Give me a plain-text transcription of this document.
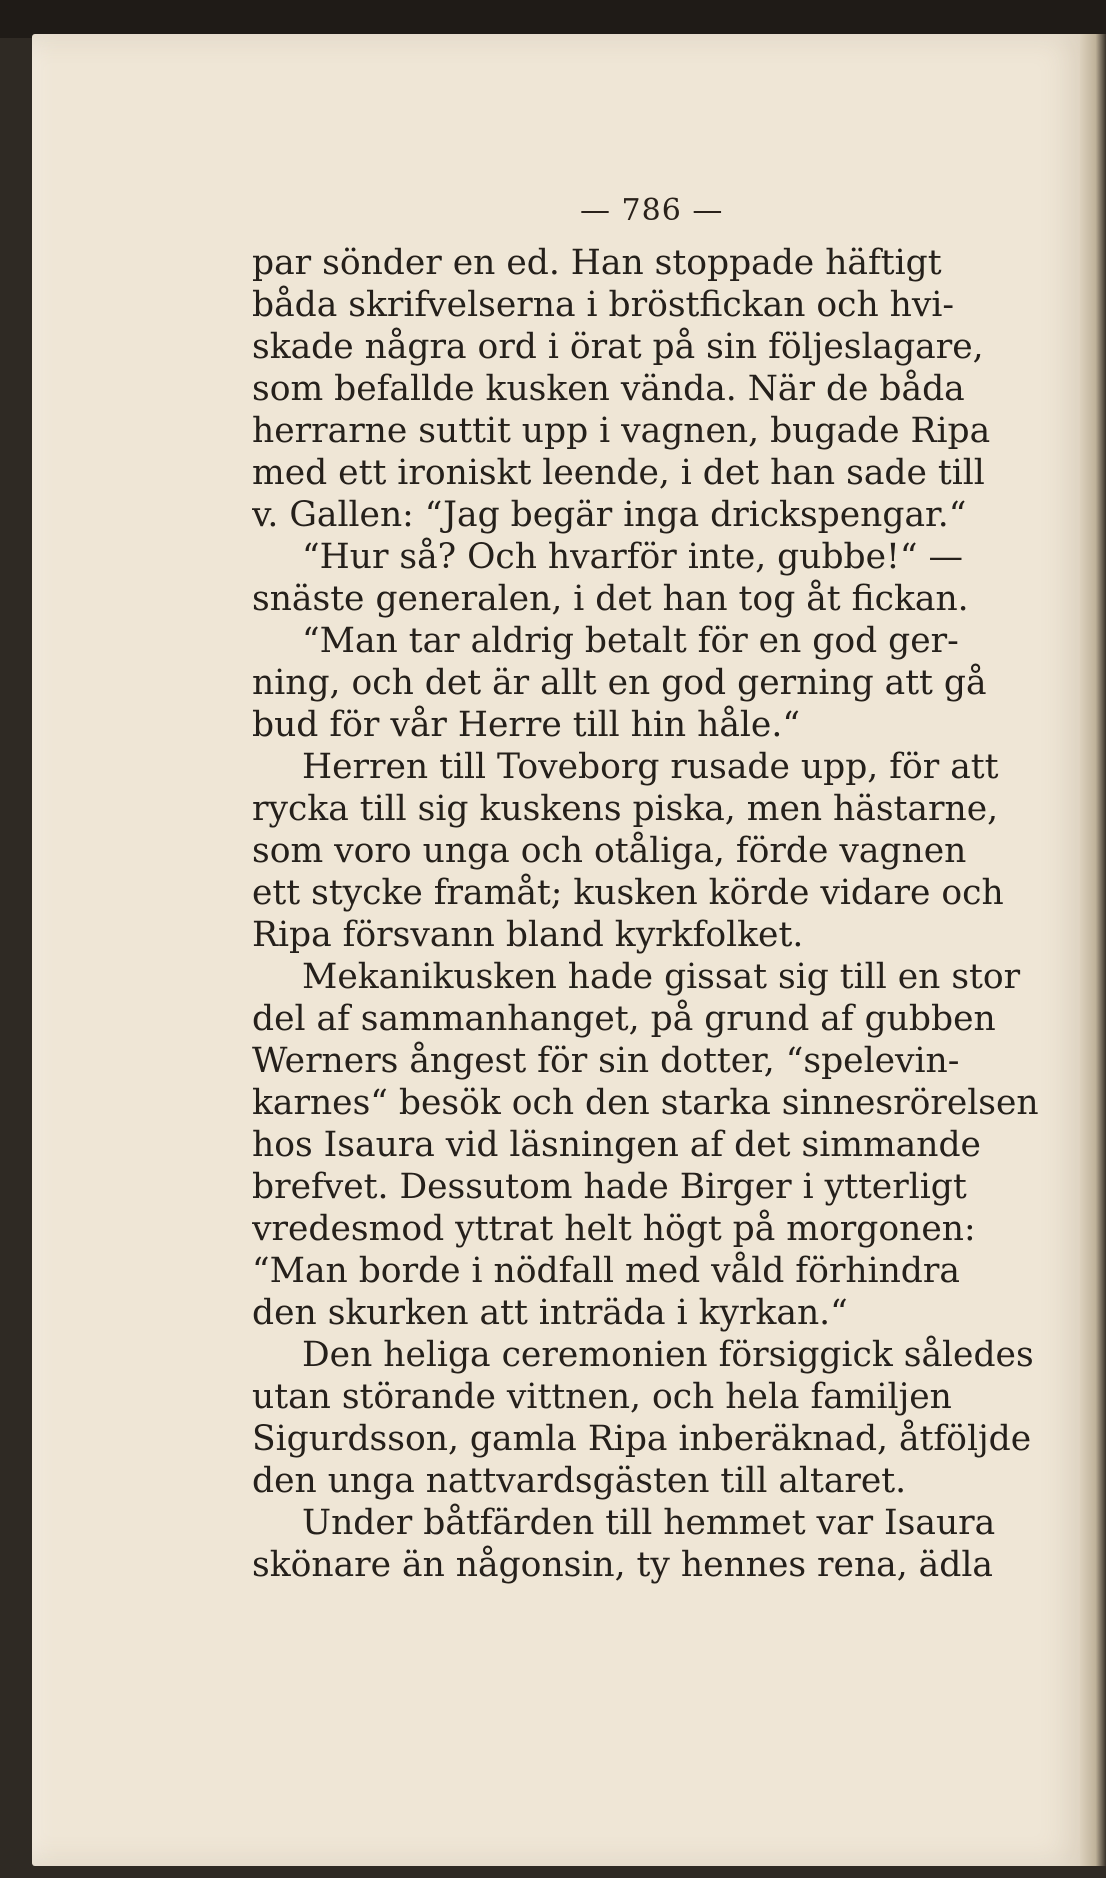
— 786 —
par sönder en ed. Han stoppade häftigt
båda skrifvelserna i bröstfickan och hvi-
skade några ord i örat på sin följeslagare,
som befallde kusken vända. När de båda
herrarne suttit upp i vagnen, bugade Ripa
med ett ironiskt leende, i det han sade till
v. Gallen: “Jag begär inga drickspengar.“
“Hur så? Och hvarför inte, gubbe!“ —
snäste generalen, i det han tog åt fickan.
“Man tar aldrig betalt för en god ger-
ning, och det är allt en god gerning att gå
bud för vår Herre till hin håle.“
Herren till Toveborg rusade upp, för att
rycka till sig kuskens piska, men hästarne,
som voro unga och otåliga, förde vagnen
ett stycke framåt; kusken körde vidare och
Ripa försvann bland kyrkfolket.
Mekanikusken hade gissat sig till en stor
del af sammanhanget, på grund af gubben
Werners ångest för sin dotter, “spelevin-
karnes“ besök och den starka sinnesrörelsen
hos Isaura vid läsningen af det simmande
brefvet. Dessutom hade Birger i ytterligt
vredesmod yttrat helt högt på morgonen:
“Man borde i nödfall med våld förhindra
den skurken att inträda i kyrkan.“
Den heliga ceremonien försiggick således
utan störande vittnen, och hela familjen
Sigurdsson, gamla Ripa inberäknad, åtföljde
den unga nattvardsgästen till altaret.
Under båtfärden till hemmet var Isaura
skönare än någonsin, ty hennes rena, ädla
